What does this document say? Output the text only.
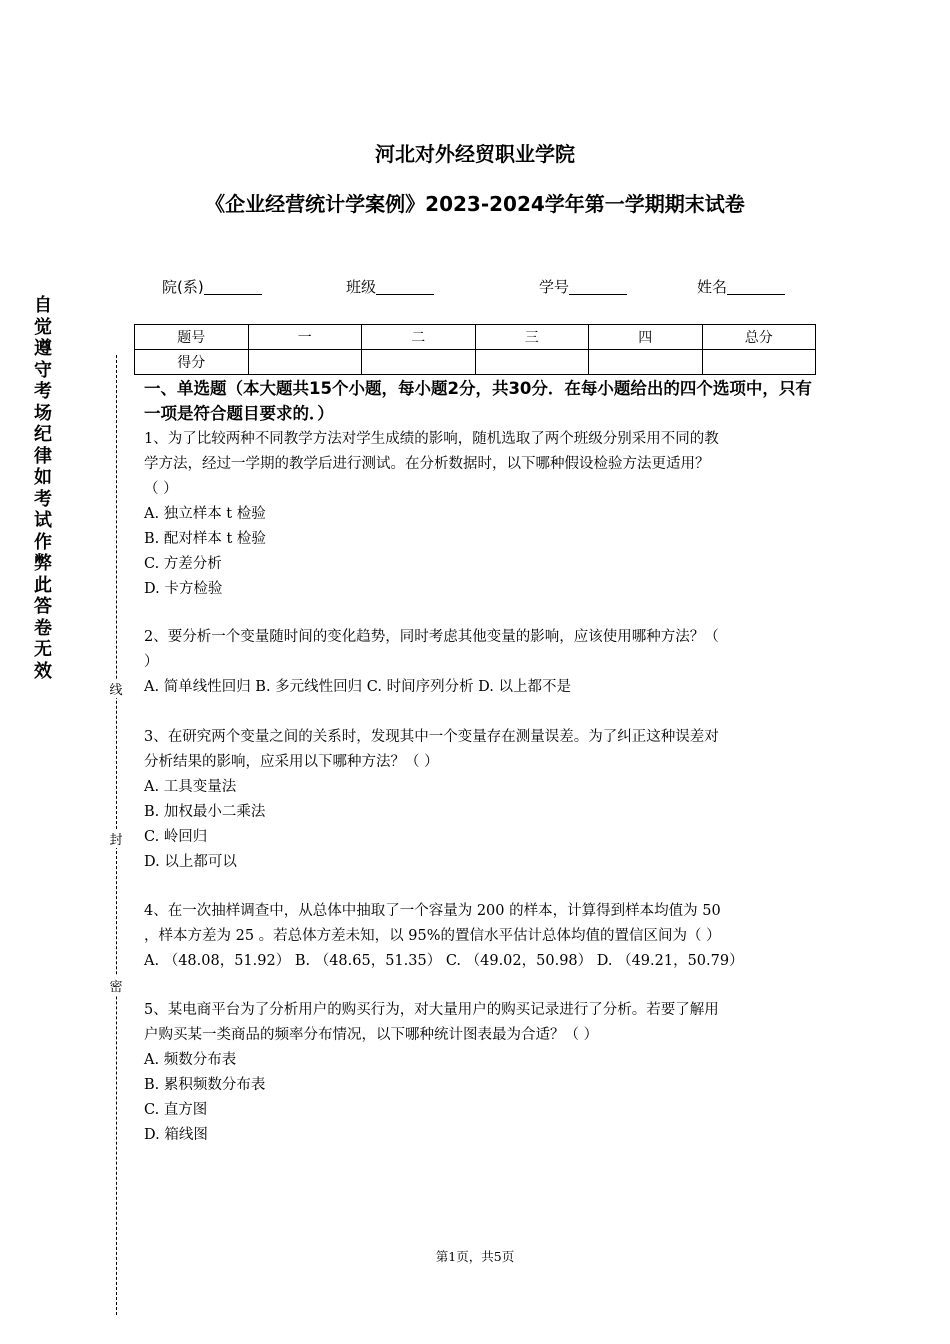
河北对外经贸职业学院
《企业经营统计学案例》2023-2024学年第一学期期末试卷
院(系)	班级	学号	姓名
题号	一	二	三	四	总分
得分					
自觉遵守考场纪律如考试作弊此答卷无效
线
封
密
一、单选题（本大题共15个小题，每小题2分，共30分．在每小题给出的四个选项中，只有一项是符合题目要求的．）

1、为了比较两种不同教学方法对学生成绩的影响，随机选取了两个班级分别采用不同的教

学方法，经过一学期的教学后进行测试。在分析数据时，以下哪种假设检验方法更适用？

（ ）

A. 独立样本 t 检验

B. 配对样本 t 检验

C. 方差分析

D. 卡方检验

2、要分析一个变量随时间的变化趋势，同时考虑其他变量的影响，应该使用哪种方法？（

）

A. 简单线性回归 B. 多元线性回归 C. 时间序列分析 D. 以上都不是

3、在研究两个变量之间的关系时，发现其中一个变量存在测量误差。为了纠正这种误差对

分析结果的影响，应采用以下哪种方法？（ ）

A. 工具变量法

B. 加权最小二乘法

C. 岭回归

D. 以上都可以

4、在一次抽样调查中，从总体中抽取了一个容量为 200 的样本，计算得到样本均值为 50

，样本方差为 25 。若总体方差未知，以 95%的置信水平估计总体均值的置信区间为（ ）

A. （48.08，51.92） B. （48.65，51.35） C. （49.02，50.98） D. （49.21，50.79）

5、某电商平台为了分析用户的购买行为，对大量用户的购买记录进行了分析。若要了解用

户购买某一类商品的频率分布情况，以下哪种统计图表最为合适？（ ）

A. 频数分布表

B. 累积频数分布表

C. 直方图

D. 箱线图

第1页，共5页
